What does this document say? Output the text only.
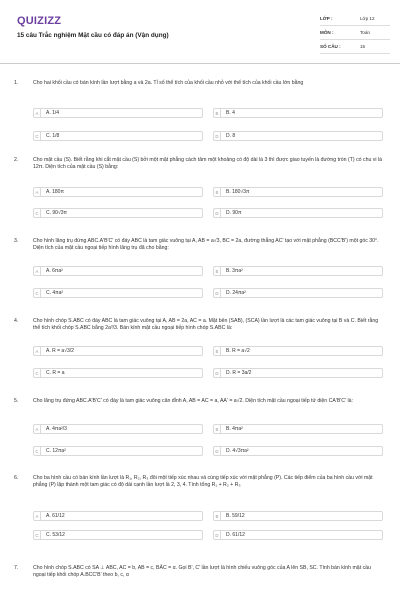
QUIZIZZ
15 câu Trắc nghiệm Mặt cầu có đáp án (Vận dụng)
LỚP :	Lớp 12
MÔN :	Toán
SỐ CÂU :	15
1.	Cho hai khối cầu có bán kính lần lượt bằng a và 2a. Tỉ số thể tích của khối cầu nhỏ với thể tích của khối cầu lớn bằng
A	A. 1/4	B	B. 4
C	C. 1/8	D	D. 8
2.	Cho mặt cầu (S). Biết rằng khi cắt mặt cầu (S) bởi một mặt phẳng cách tâm một khoảng có độ dài là 3 thì được giao tuyến là đường tròn (T) có chu vi là 12π. Diện tích của mặt cầu (S) bằng:
A	A. 180π	B	B. 180√3π
C	C. 90√3π	D	D. 90π
3.	Cho hình lăng trụ đứng ABC.A'B'C' có đáy ABC là tam giác vuông tại A, AB = a√3, BC = 2a, đường thẳng AC' tạo với mặt phẳng (BCC'B') một góc 30°. Diện tích của mặt cầu ngoại tiếp hình lăng trụ đã cho bằng:
A	A. 6πa²	B	B. 3πa²
C	C. 4πa²	D	D. 24πa²
4.	Cho hình chóp S.ABC có đáy ABC là tam giác vuông tại A, AB = 2a, AC = a. Mặt bên (SAB), (SCA) lần lượt là các tam giác vuông tại B và C. Biết rằng thể tích khối chóp S.ABC bằng 2a³/3. Bán kính mặt cầu ngoại tiếp hình chóp S.ABC là:
A	A. R = a√3/2	B	B. R = a√2
C	C. R = a	D	D. R = 3a/2
5.	Cho lăng trụ đứng ABC.A'B'C' có đáy là tam giác vuông cân đỉnh A, AB = AC = a, AA' = a√2. Diện tích mặt cầu ngoại tiếp tứ diện CA'B'C' là:
A	A. 4πa²/3	B	B. 4πa²
C	C. 12πa²	D	D. 4√3πa²
6.	Cho ba hình cầu có bán kính lần lượt là R₁, R₂, R₃ đôi một tiếp xúc nhau và cùng tiếp xúc với mặt phẳng (P). Các tiếp điểm của ba hình cầu với mặt phẳng (P) lập thành một tam giác có độ dài cạnh lần lượt là 2, 3, 4. Tính tổng R₁ + R₂ + R₃
A	A. 61/12	B	B. 59/12
C	C. 53/12	D	D. 61/12
7.	Cho hình chóp S.ABC có SA ⊥ ABC, AC = b, AB = c, BÂC = α. Gọi B', C' lần lượt là hình chiếu vuông góc của A lên SB, SC. Tính bán kính mặt cầu ngoại tiếp khối chóp A.BCC'B' theo b, c, α
